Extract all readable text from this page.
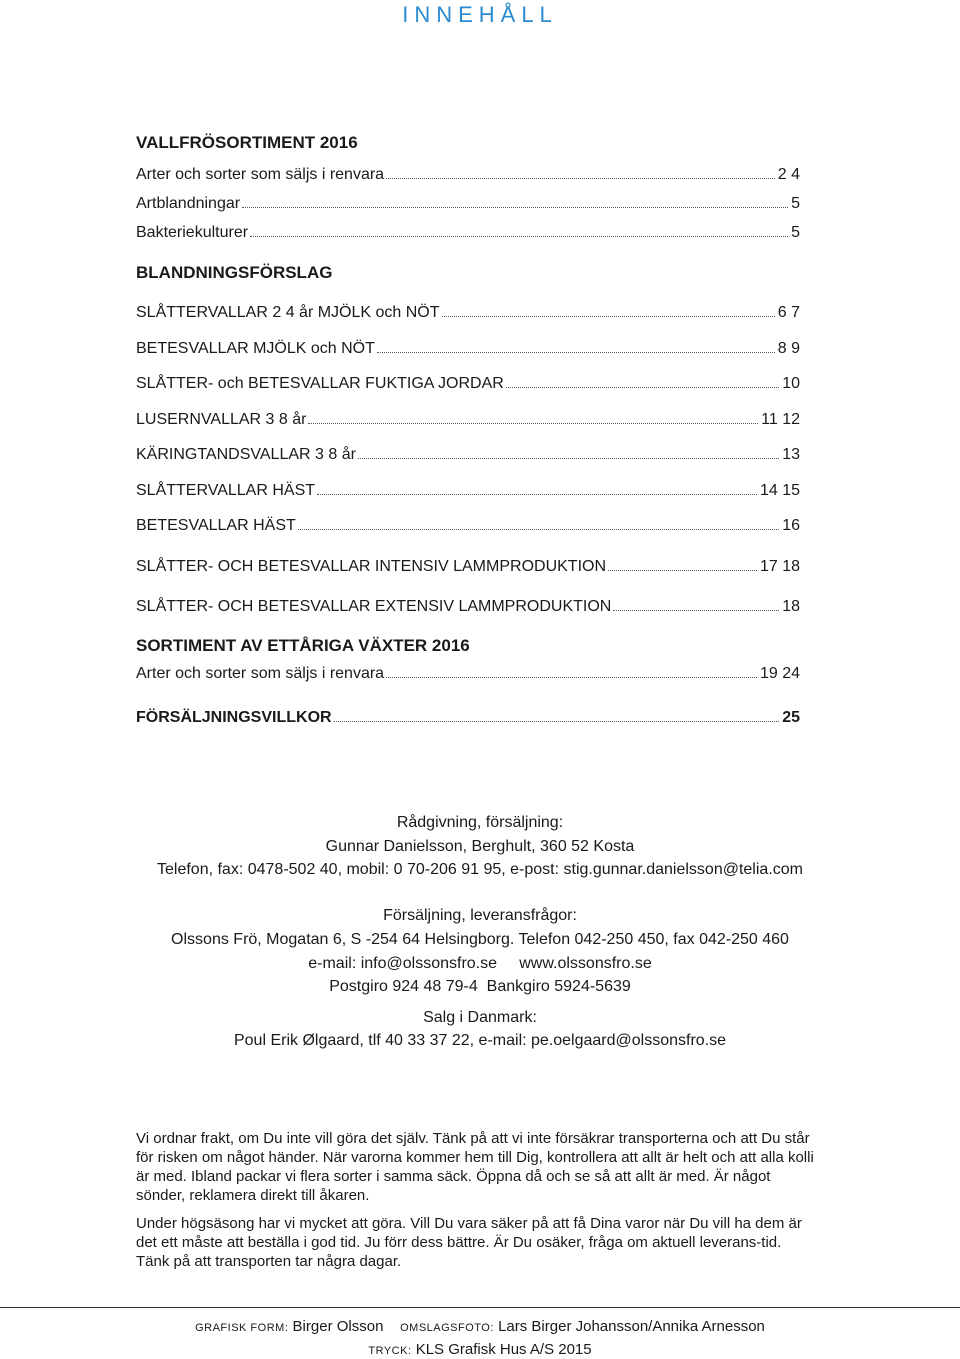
INNEHÅLL
VALLFRÖSORTIMENT 2016
Arter och sorter som säljs i renvara	2 4
Artblandningar	5
Bakteriekulturer	5
BLANDNINGSFÖRSLAG
SLÅTTERVALLAR 2 4 år MJÖLK och NÖT	6 7
BETESVALLAR MJÖLK och NÖT	8 9
SLÅTTER- och BETESVALLAR FUKTIGA JORDAR	10
LUSERNVALLAR 3 8 år	11 12
KÄRINGTANDSVALLAR 3 8 år	13
SLÅTTERVALLAR HÄST	14 15
BETESVALLAR HÄST	16
SLÅTTER- OCH BETESVALLAR INTENSIV LAMMPRODUKTION	17 18
SLÅTTER- OCH BETESVALLAR EXTENSIV LAMMPRODUKTION	18
SORTIMENT AV ETTÅRIGA VÄXTER 2016
Arter och sorter som säljs i renvara	19 24
FÖRSÄLJNINGSVILLKOR	25
Rådgivning, försäljning:
Gunnar Danielsson, Berghult, 360 52 Kosta
Telefon, fax: 0478-502 40, mobil: 0 70-206 91 95, e-post: stig.gunnar.danielsson@telia.com
Försäljning, leveransfrågor:
Olssons Frö, Mogatan 6, S -254 64 Helsingborg. Telefon 042-250 450, fax 042-250 460
e-mail: info@olssonsfro.se     www.olssonsfro.se
Postgiro 924 48 79-4  Bankgiro 5924-5639
Salg i Danmark:
Poul Erik Ølgaard, tlf 40 33 37 22, e-mail: pe.oelgaard@olssonsfro.se
Vi ordnar frakt, om Du inte vill göra det själv. Tänk på att vi inte försäkrar transporterna och att Du står för risken om något händer. När varorna kommer hem till Dig, kontrollera att allt är helt och att alla kolli är med. Ibland packar vi flera sorter i samma säck. Öppna då och se så att allt är med. Är något sönder, reklamera direkt till åkaren.
Under högsäsong har vi mycket att göra. Vill Du vara säker på att få Dina varor när Du vill ha dem är det ett måste att beställa i god tid. Ju förr dess bättre. Är Du osäker, fråga om aktuell leverans-tid. Tänk på att transporten tar några dagar.
GRAFISK FORM: Birger Olsson OMSLAGSFOTO: Lars Birger Johansson/Annika Arnesson
TRYCK: KLS Grafisk Hus A/S 2015
